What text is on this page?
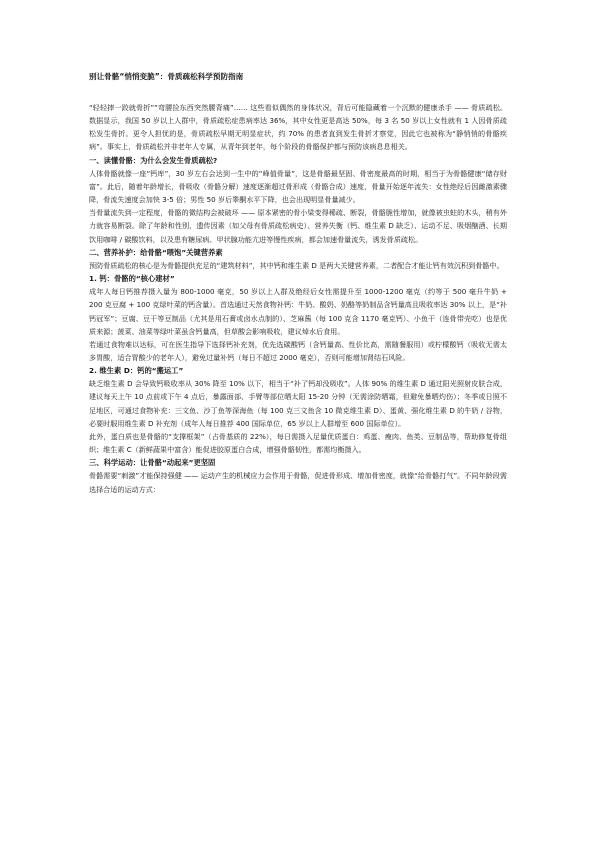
别让骨骼“悄悄变脆”：骨质疏松科学预防指南

“轻轻摔一跤就骨折”“弯腰捡东西突然腰背痛”…… 这些看似偶然的身体状况，背后可能隐藏着一个沉默的健康杀手 —— 骨质疏松。数据显示，我国 50 岁以上人群中，骨质疏松症患病率达 36%，其中女性更是高达 50%，每 3 名 50 岁以上女性就有 1 人因骨质疏松发生骨折。更令人担忧的是，骨质疏松早期无明显症状，约 70% 的患者直到发生骨折才察觉，因此它也被称为“静悄悄的骨骼疾病”。事实上，骨质疏松并非老年人专属，从青年到老年，每个阶段的骨骼保护都与预防该病息息相关。

一、读懂骨骼：为什么会发生骨质疏松?

人体骨骼就像一座“钙库”，30 岁左右会达到一生中的“峰值骨量”，这是骨骼最坚固、骨密度最高的时期，相当于为骨骼健康“储存财富”。此后，随着年龄增长，骨吸收（骨骼分解）速度逐渐超过骨形成（骨骼合成）速度，骨量开始逐年流失：女性绝经后因雌激素骤降，骨流失速度会加快 3-5 倍；男性 50 岁后睾酮水平下降，也会出现明显骨量减少。

当骨量流失到一定程度，骨骼的微结构会被破坏 —— 原本紧密的骨小梁变得稀疏、断裂，骨骼脆性增加，就像被虫蛀的木头，稍有外力就容易断裂。除了年龄和性别，遗传因素（如父母有骨质疏松病史）、营养失衡（钙、维生素 D 缺乏）、运动不足、吸烟酗酒、长期饮用咖啡 / 碳酸饮料，以及患有糖尿病、甲状腺功能亢进等慢性疾病，都会加速骨量流失，诱发骨质疏松。

二、营养补护：给骨骼“喂饱”关键营养素

预防骨质疏松的核心是为骨骼提供充足的“建筑材料”，其中钙和维生素 D 是两大关键营养素，二者配合才能让钙有效沉积到骨骼中。

1. 钙：骨骼的“核心建材”

成年人每日钙推荐摄入量为 800-1000 毫克，50 岁以上人群及绝经后女性需提升至 1000-1200 毫克（约等于 500 毫升牛奶 + 200 克豆腐 + 100 克绿叶菜的钙含量）。首选通过天然食物补钙：牛奶、酸奶、奶酪等奶制品含钙量高且吸收率达 30% 以上，是“补钙冠军”；豆腐、豆干等豆制品（尤其是用石膏或卤水点制的）、芝麻酱（每 100 克含 1170 毫克钙）、小鱼干（连骨带壳吃）也是优质来源；菠菜、油菜等绿叶菜虽含钙量高，但草酸会影响吸收，建议焯水后食用。

若通过食物难以达标，可在医生指导下选择钙补充剂，优先选碳酸钙（含钙量高、性价比高，需随餐服用）或柠檬酸钙（吸收无需太多胃酸，适合胃酸少的老年人），避免过量补钙（每日不超过 2000 毫克），否则可能增加肾结石风险。

2. 维生素 D：钙的“搬运工”

缺乏维生素 D 会导致钙吸收率从 30% 降至 10% 以下，相当于“补了钙却没吸收”。人体 90% 的维生素 D 通过阳光照射皮肤合成，建议每天上午 10 点前或下午 4 点后，暴露面部、手臂等部位晒太阳 15-20 分钟（无需涂防晒霜，但避免暴晒灼伤）；冬季或日照不足地区，可通过食物补充：三文鱼、沙丁鱼等深海鱼（每 100 克三文鱼含 10 微克维生素 D）、蛋黄、强化维生素 D 的牛奶 / 谷物，必要时服用维生素 D 补充剂（成年人每日推荐 400 国际单位，65 岁以上人群增至 600 国际单位）。

此外，蛋白质也是骨骼的“支撑框架”（占骨基质的 22%），每日需摄入足量优质蛋白：鸡蛋、瘦肉、鱼类、豆制品等，帮助修复骨组织；维生素 C（新鲜蔬果中富含）能促进胶原蛋白合成，增强骨骼韧性，都需均衡摄入。

三、科学运动：让骨骼“动起来”更坚固

骨骼需要“刺激”才能保持强健 —— 运动产生的机械应力会作用于骨骼，促进骨形成、增加骨密度，就像“给骨骼打气”。不同年龄段需选择合适的运动方式：
